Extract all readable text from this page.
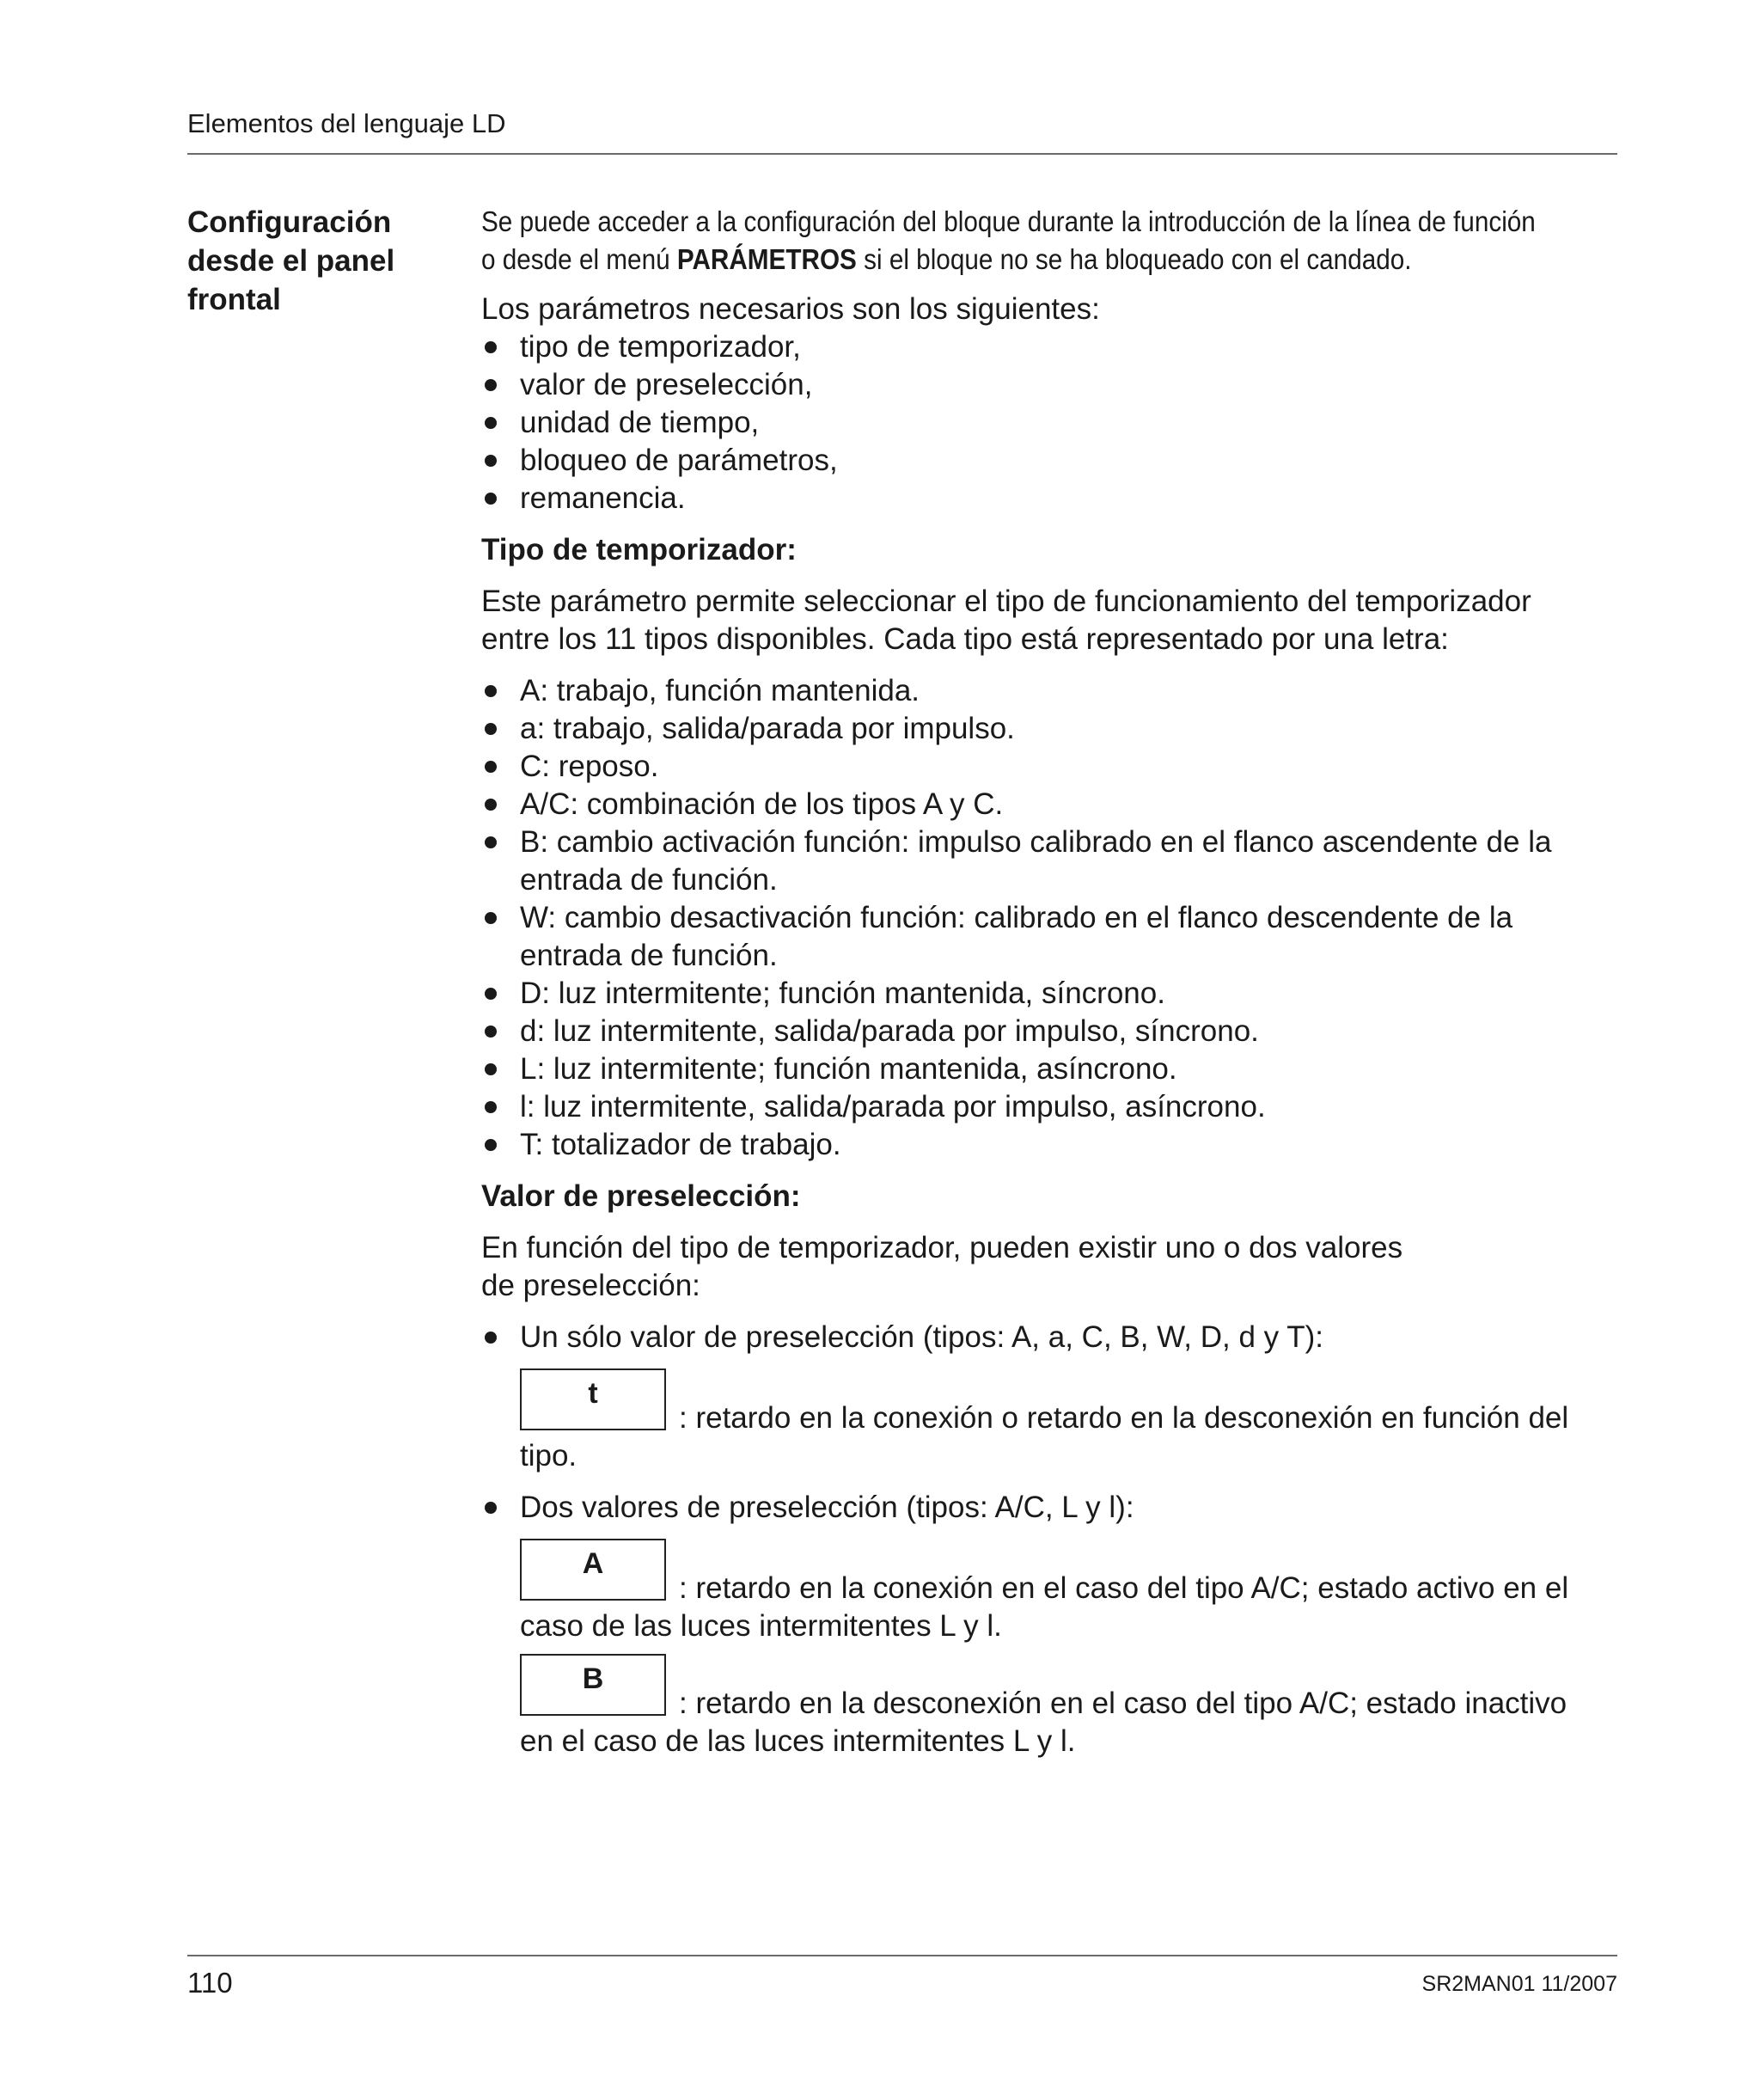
Elementos del lenguaje LD
Configuración
desde el panel
frontal
Se puede acceder a la configuración del bloque durante la introducción de la línea de función
o desde el menú PARÁMETROS si el bloque no se ha bloqueado con el candado.

Los parámetros necesarios son los siguientes:

tipo de temporizador,
valor de preselección,
unidad de tiempo,
bloqueo de parámetros,
remanencia.

Tipo de temporizador:

Este parámetro permite seleccionar el tipo de funcionamiento del temporizador
entre los 11 tipos disponibles. Cada tipo está representado por una letra:
A: trabajo, función mantenida.
a: trabajo, salida/parada por impulso.
C: reposo.
A/C: combinación de los tipos A y C.
B: cambio activación función: impulso calibrado en el flanco ascendente de la
entrada de función.
W: cambio desactivación función: calibrado en el flanco descendente de la
entrada de función.
D: luz intermitente; función mantenida, síncrono.
d: luz intermitente, salida/parada por impulso, síncrono.
L: luz intermitente; función mantenida, asíncrono.
l: luz intermitente, salida/parada por impulso, asíncrono.
T: totalizador de trabajo.

Valor de preselección:

En función del tipo de temporizador, pueden existir uno o dos valores
de preselección:
Un sólo valor de preselección (tipos: A, a, C, B, W, D, d y T):
t
: retardo en la conexión o retardo en la desconexión en función del
tipo.
Dos valores de preselección (tipos: A/C, L y l):
A
: retardo en la conexión en el caso del tipo A/C; estado activo en el
caso de las luces intermitentes L y l.
B
: retardo en la desconexión en el caso del tipo A/C; estado inactivo
en el caso de las luces intermitentes L y l.
110	SR2MAN01 11/2007
